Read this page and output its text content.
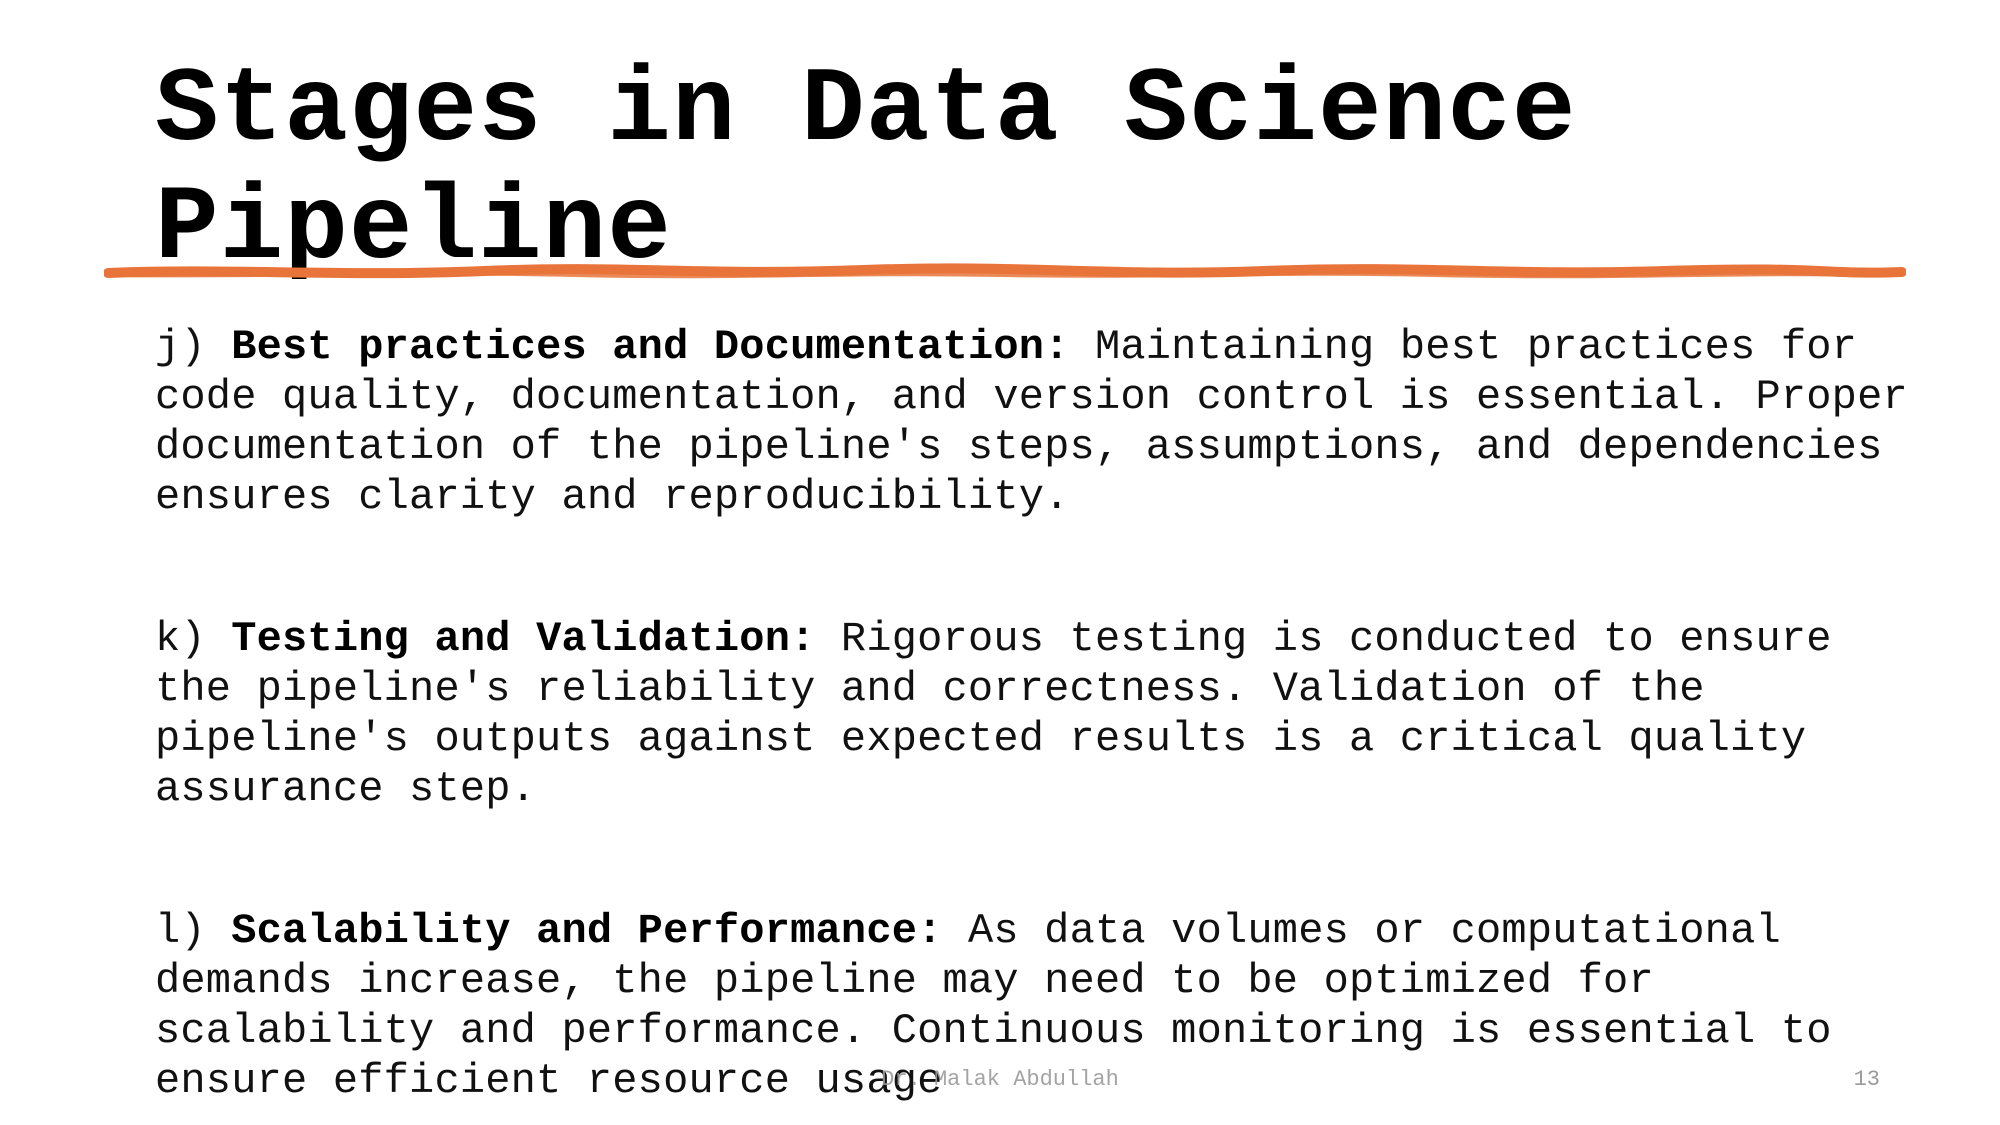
Stages in Data Science Pipeline

j) Best practices and Documentation: Maintaining best practices for code quality, documentation, and version control is essential. Proper documentation of the pipeline's steps, assumptions, and dependencies ensures clarity and reproducibility.

k) Testing and Validation: Rigorous testing is conducted to ensure the pipeline's reliability and correctness. Validation of the pipeline's outputs against expected results is a critical quality assurance step.

l) Scalability and Performance: As data volumes or computational demands increase, the pipeline may need to be optimized for scalability and performance. Continuous monitoring is essential to ensure efficient resource usage

Dr. Malak Abdullah	13
